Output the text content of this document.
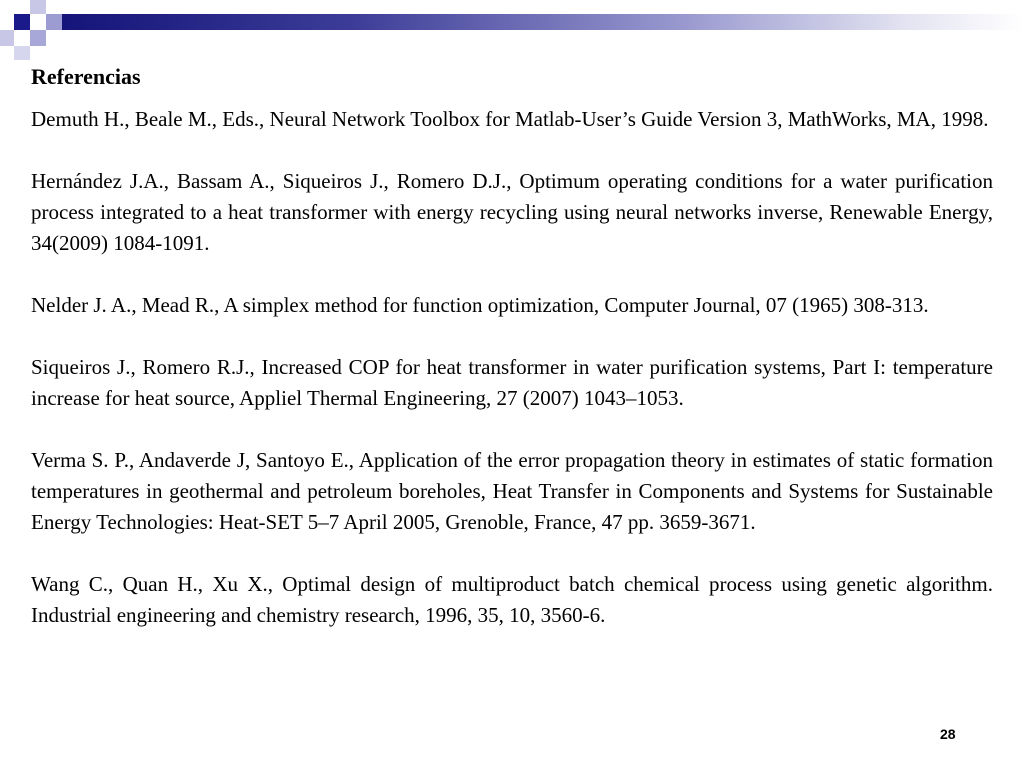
Referencias

Demuth H., Beale M., Eds., Neural Network Toolbox for Matlab-User’s Guide Version 3, MathWorks, MA, 1998.

Hernández J.A., Bassam A., Siqueiros J., Romero D.J., Optimum operating conditions for a water purification process integrated to a heat transformer with energy recycling using neural networks inverse, Renewable Energy, 34(2009) 1084-1091.

Nelder J. A., Mead R., A simplex method for function optimization, Computer Journal, 07 (1965) 308-313.

Siqueiros J., Romero R.J., Increased COP for heat transformer in water purification systems, Part I: temperature increase for heat source, Appliel Thermal Engineering, 27 (2007) 1043–1053.

Verma S. P., Andaverde J, Santoyo E., Application of the error propagation theory in estimates of static formation temperatures in geothermal and petroleum boreholes, Heat Transfer in Components and Systems for Sustainable Energy Technologies: Heat-SET 5–7 April 2005, Grenoble, France, 47 pp. 3659-3671.

Wang C., Quan H., Xu X., Optimal design of multiproduct batch chemical process using genetic algorithm. Industrial engineering and chemistry research, 1996, 35, 10, 3560-6.

28
